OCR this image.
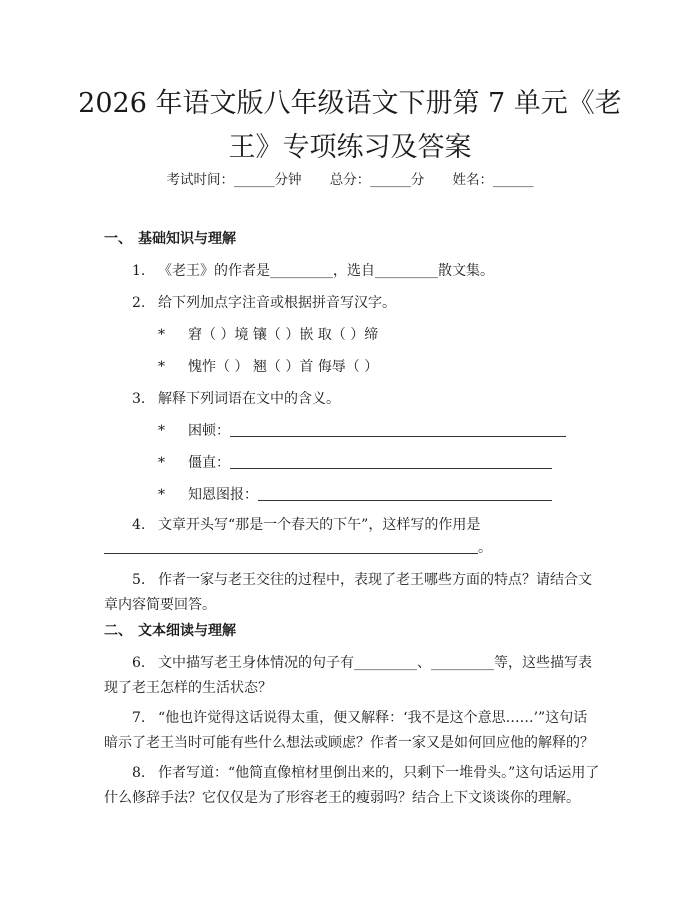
2026 年语文版八年级语文下册第 7 单元《老王》专项练习及答案
考试时间：______分钟 总分：______分 姓名：______
一、 基础知识与理解
1. 《老王》的作者是_________，选自_________散文集。
2. 给下列加点字注音或根据拼音写汉字。
* 窘（ ）境 镶（ ）嵌 取（ ）缔
* 愧怍（ ） 翘（ ）首 侮辱（ ）
3. 解释下列词语在文中的含义。
* 困顿：
* 僵直：
* 知恩图报：
4. 文章开头写“那是一个春天的下午”，这样写的作用是
。
5. 作者一家与老王交往的过程中，表现了老王哪些方面的特点？请结合文章内容简要回答。
二、 文本细读与理解
6. 文中描写老王身体情况的句子有_________、_________等，这些描写表现了老王怎样的生活状态？
7. “他也许觉得这话说得太重，便又解释：‘我不是这个意思……’”这句话暗示了老王当时可能有些什么想法或顾虑？作者一家又是如何回应他的解释的？
8. 作者写道：“他简直像棺材里倒出来的，只剩下一堆骨头。”这句话运用了什么修辞手法？它仅仅是为了形容老王的瘦弱吗？结合上下文谈谈你的理解。
